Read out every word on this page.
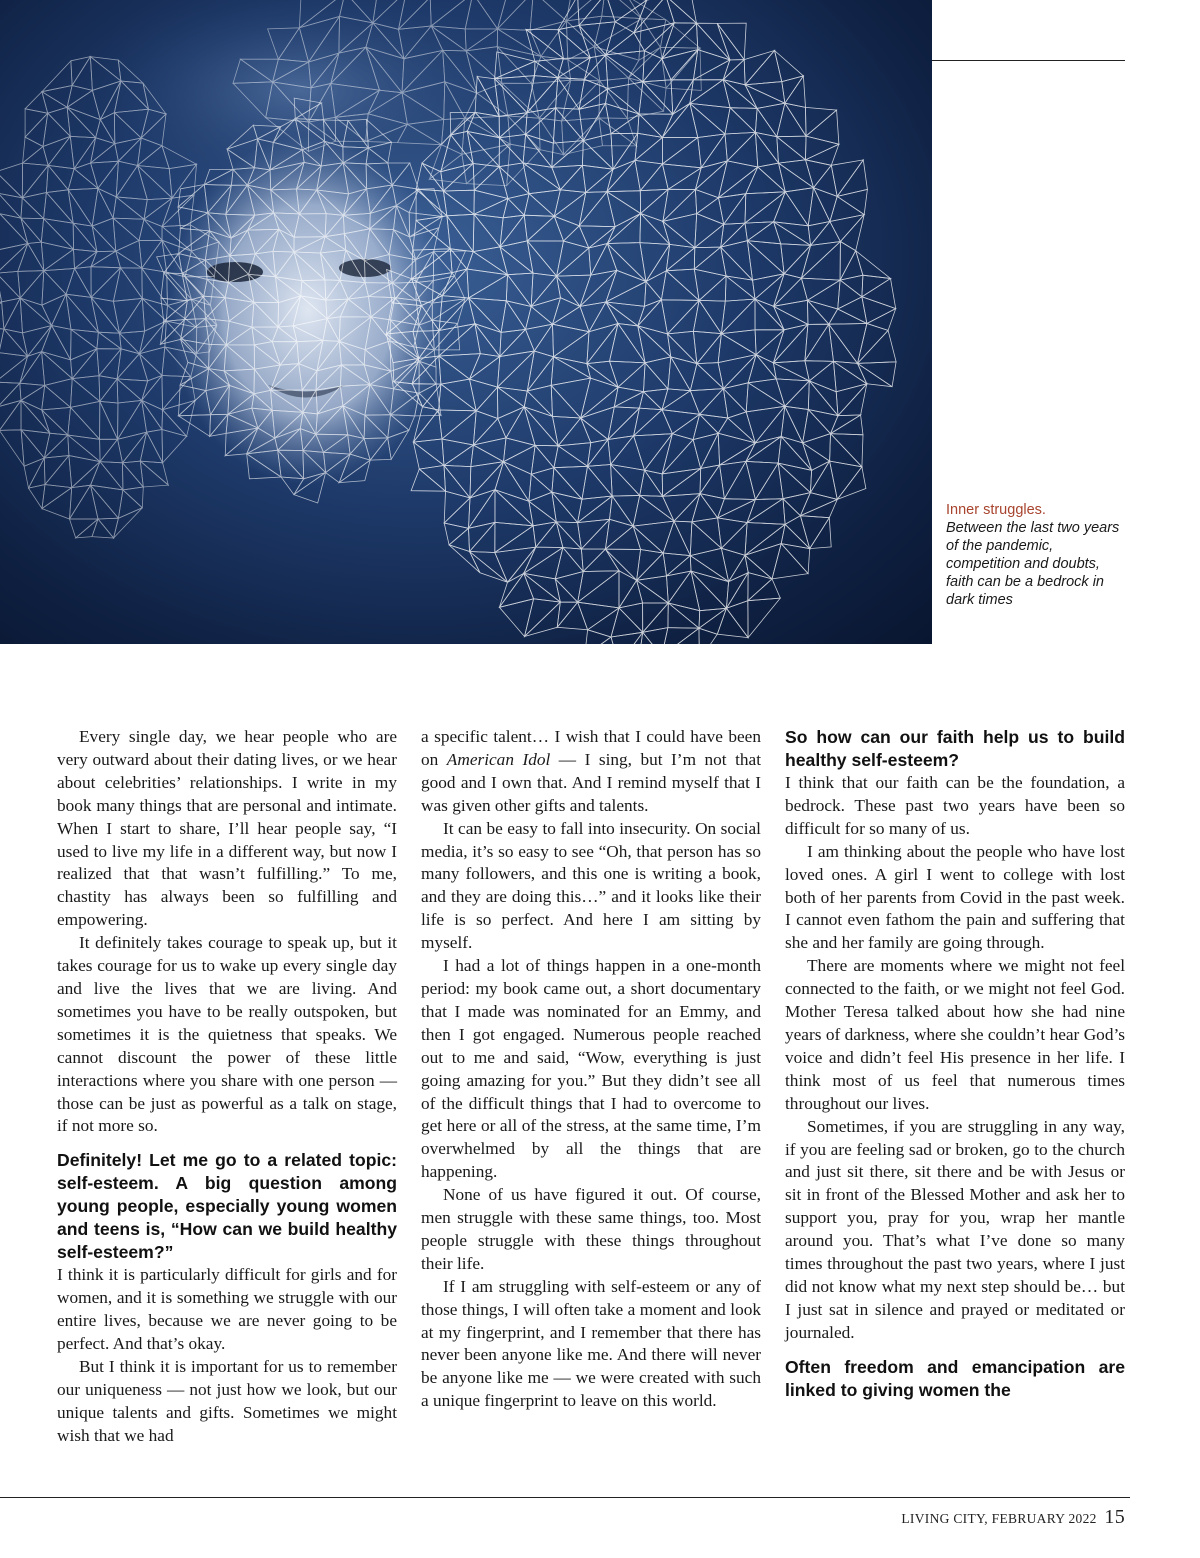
Inner struggles.
Between the last two years of the pandemic, competition and doubts, faith can be a bedrock in dark times

Every single day, we hear people who are very outward about their dating lives, or we hear about celebrities’ relationships. I write in my book many things that are personal and intimate. When I start to share, I’ll hear people say, “I used to live my life in a different way, but now I realized that that wasn’t fulfilling.” To me, chastity has always been so fulfilling and empowering.

It definitely takes courage to speak up, but it takes courage for us to wake up every single day and live the lives that we are living. And sometimes you have to be really outspoken, but sometimes it is the quietness that speaks. We cannot discount the power of these little interactions where you share with one person — those can be just as powerful as a talk on stage, if not more so.

Definitely! Let me go to a related topic: self-esteem. A big question among young people, especially young women and teens is, “How can we build healthy self-esteem?”

I think it is particularly difficult for girls and for women, and it is something we struggle with our entire lives, because we are never going to be perfect. And that’s okay.

But I think it is important for us to remember our uniqueness — not just how we look, but our unique talents and gifts. Sometimes we might wish that we had

a specific talent… I wish that I could have been on American Idol — I sing, but I’m not that good and I own that. And I remind myself that I was given other gifts and talents.

It can be easy to fall into insecurity. On social media, it’s so easy to see “Oh, that person has so many followers, and this one is writing a book, and they are doing this…” and it looks like their life is so perfect. And here I am sitting by myself.

I had a lot of things happen in a one-month period: my book came out, a short documentary that I made was nominated for an Emmy, and then I got engaged. Numerous people reached out to me and said, “Wow, everything is just going amazing for you.” But they didn’t see all of the difficult things that I had to overcome to get here or all of the stress, at the same time, I’m overwhelmed by all the things that are happening.

None of us have figured it out. Of course, men struggle with these same things, too. Most people struggle with these things throughout their life.

If I am struggling with self-esteem or any of those things, I will often take a moment and look at my fingerprint, and I remember that there has never been anyone like me. And there will never be anyone like me — we were created with such a unique fingerprint to leave on this world.

So how can our faith help us to build healthy self-esteem?

I think that our faith can be the foundation, a bedrock. These past two years have been so difficult for so many of us.

I am thinking about the people who have lost loved ones. A girl I went to college with lost both of her parents from Covid in the past week. I cannot even fathom the pain and suffering that she and her family are going through.

There are moments where we might not feel connected to the faith, or we might not feel God. Mother Teresa talked about how she had nine years of darkness, where she couldn’t hear God’s voice and didn’t feel His presence in her life. I think most of us feel that numerous times throughout our lives.

Sometimes, if you are struggling in any way, if you are feeling sad or broken, go to the church and just sit there, sit there and be with Jesus or sit in front of the Blessed Mother and ask her to support you, pray for you, wrap her mantle around you. That’s what I’ve done so many times throughout the past two years, where I just did not know what my next step should be… but I just sat in silence and prayed or meditated or journaled.

Often freedom and emancipation are linked to giving women the
LIVING CITY, FEBRUARY 2022 15
